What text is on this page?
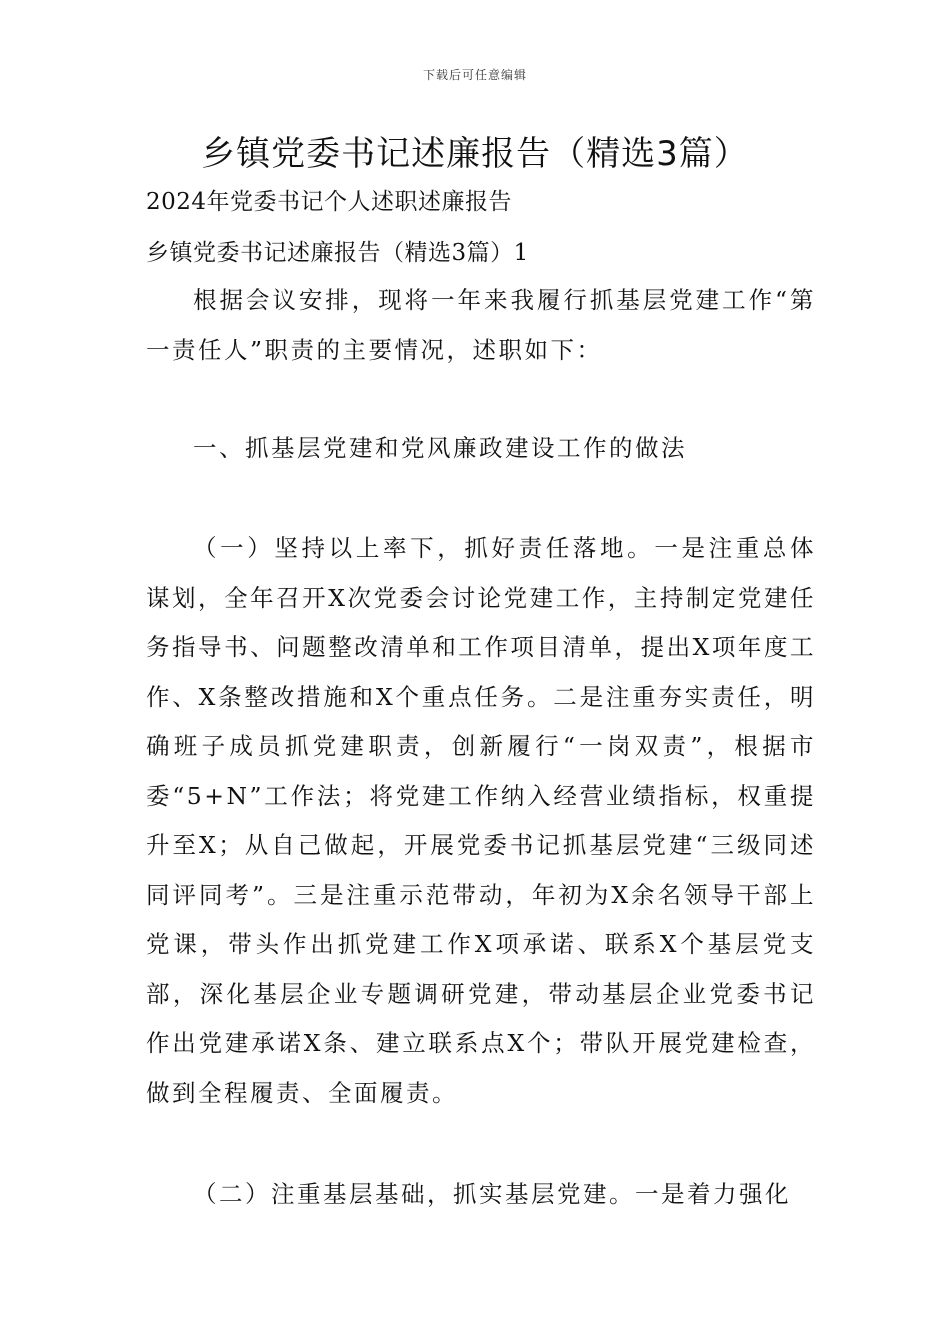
下载后可任意编辑
乡镇党委书记述廉报告（精选3篇）
2024年党委书记个人述职述廉报告
乡镇党委书记述廉报告（精选3篇）1

根据会议安排，现将一年来我履行抓基层党建工作“第一责任人”职责的主要情况，述职如下：

一、抓基层党建和党风廉政建设工作的做法

（一）坚持以上率下，抓好责任落地。一是注重总体谋划，全年召开X次党委会讨论党建工作，主持制定党建任务指导书、问题整改清单和工作项目清单，提出X项年度工作、X条整改措施和X个重点任务。二是注重夯实责任，明确班子成员抓党建职责，创新履行“一岗双责”，根据市委“5+N”工作法；将党建工作纳入经营业绩指标，权重提升至X；从自己做起，开展党委书记抓基层党建“三级同述同评同考”。三是注重示范带动，年初为X余名领导干部上党课，带头作出抓党建工作X项承诺、联系X个基层党支部，深化基层企业专题调研党建，带动基层企业党委书记作出党建承诺X条、建立联系点X个；带队开展党建检查，做到全程履责、全面履责。

（二）注重基层基础，抓实基层党建。一是着力强化
